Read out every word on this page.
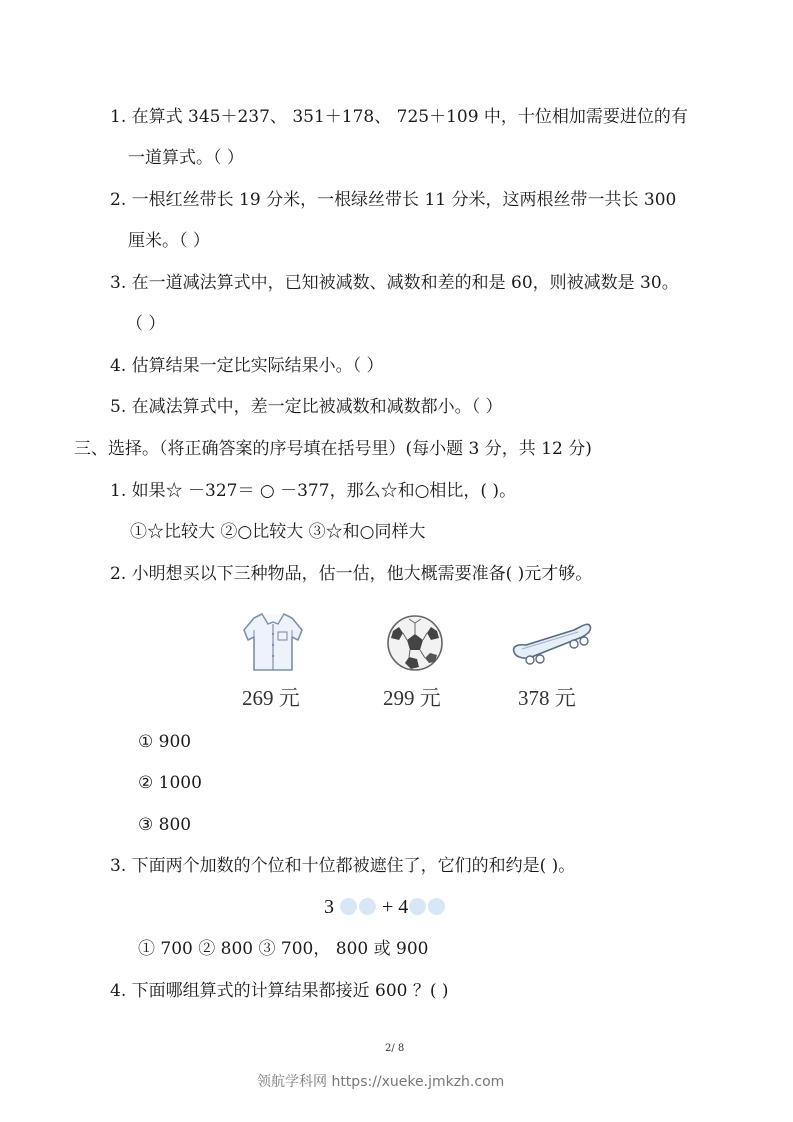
1. 在算式 345＋237、 351＋178、 725＋109 中，十位相加需要进位的有
一道算式。（ ）
2. 一根红丝带长 19 分米，一根绿丝带长 11 分米，这两根丝带一共长 300
厘米。（ ）
3. 在一道减法算式中，已知被减数、减数和差的和是 60，则被减数是 30。
（ ）
4. 估算结果一定比实际结果小。（ ）
5. 在减法算式中，差一定比被减数和减数都小。（ ）
三、选择。（将正确答案的序号填在括号里）(每小题 3 分，共 12 分)
1. 如果☆ －327＝ ○ －377，那么☆和○相比，( )。
①☆比较大 ②○比较大 ③☆和○同样大
2. 小明想买以下三种物品，估一估，他大概需要准备( )元才够。
269 元	299 元	378 元
① 900
② 1000
③ 800
3. 下面两个加数的个位和十位都被遮住了，它们的和约是( )。
3 + 4
① 700 ② 800 ③ 700， 800 或 900
4. 下面哪组算式的计算结果都接近 600 ？( )
2/ 8
领航学科网 https://xueke.jmkzh.com
